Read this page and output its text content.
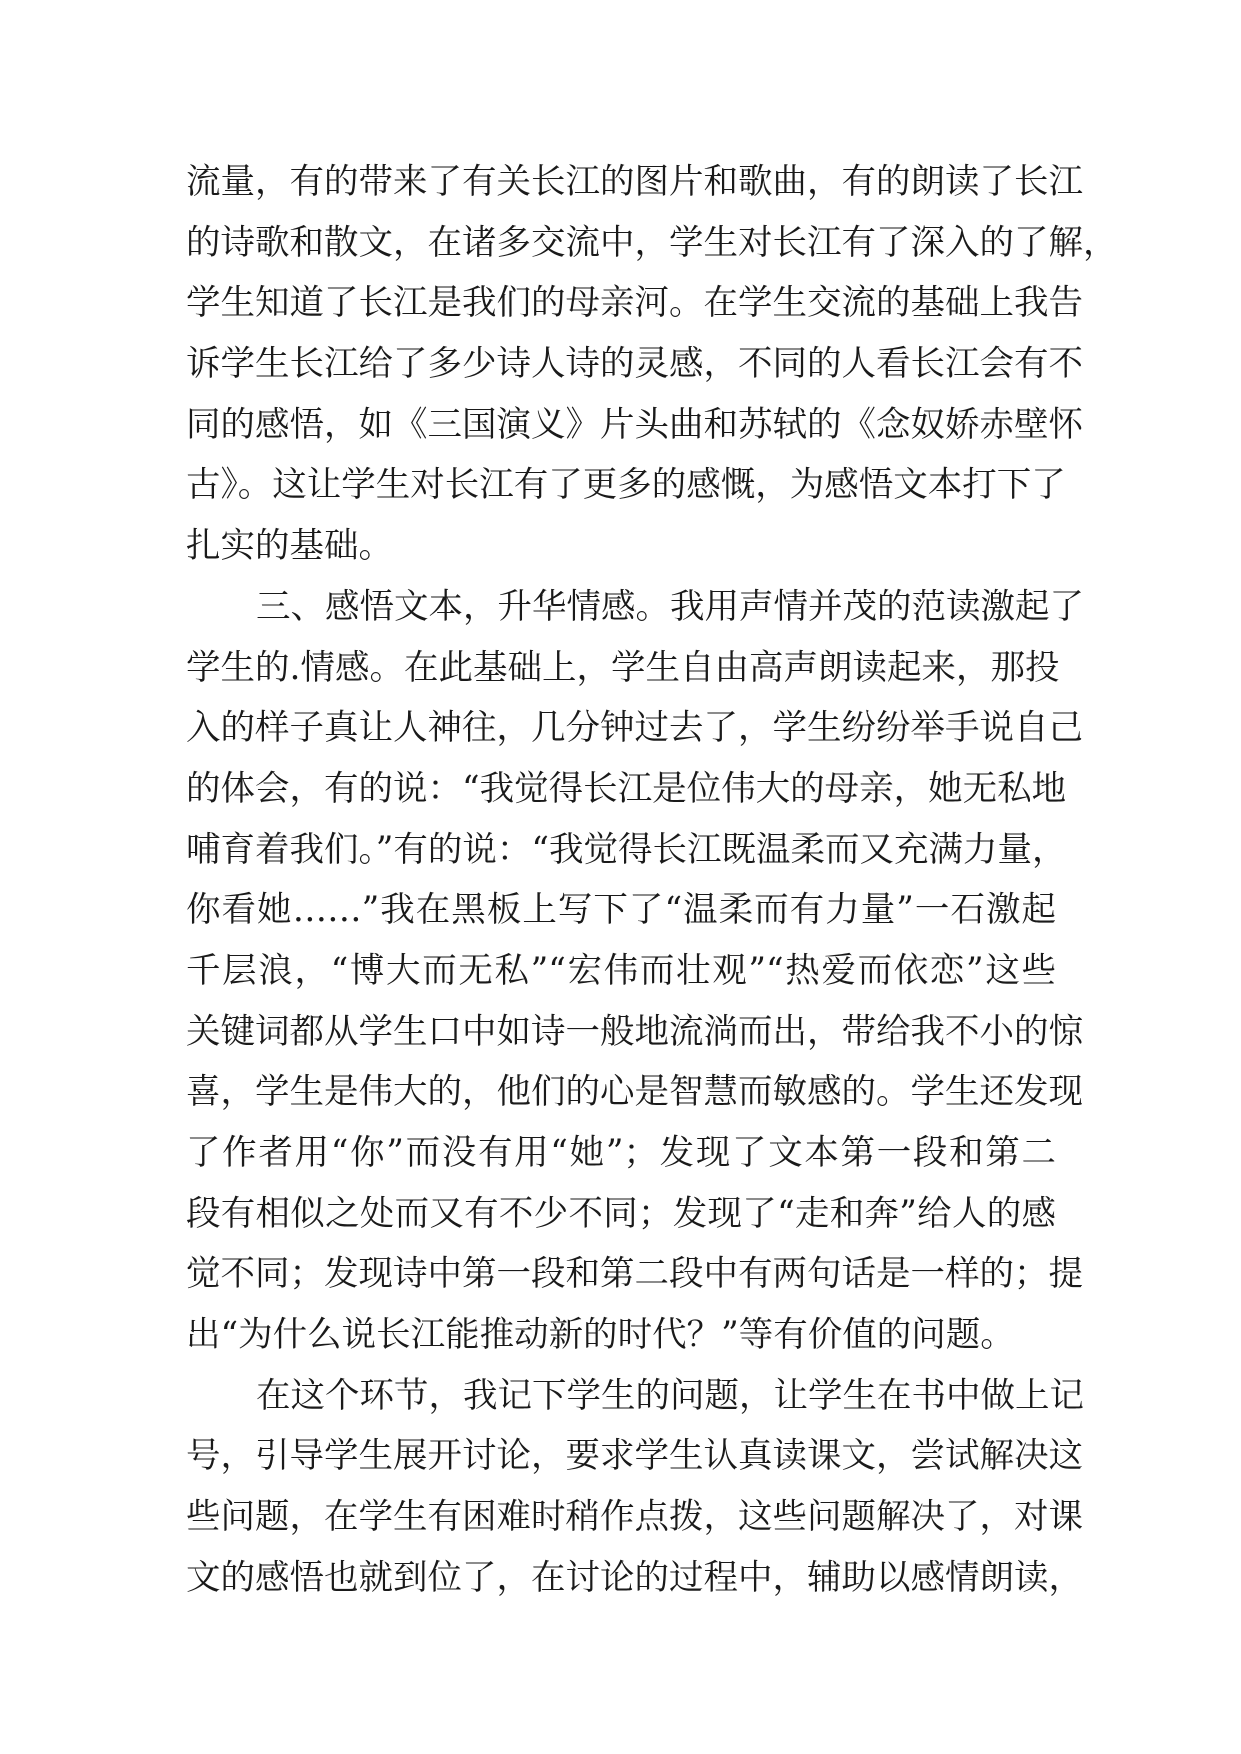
流量，有的带来了有关长江的图片和歌曲，有的朗读了长江
的诗歌和散文，在诸多交流中，学生对长江有了深入的了解，
学生知道了长江是我们的母亲河。在学生交流的基础上我告
诉学生长江给了多少诗人诗的灵感，不同的人看长江会有不
同的感悟，如《三国演义》片头曲和苏轼的《念奴娇赤壁怀
古》。这让学生对长江有了更多的感慨，为感悟文本打下了
扎实的基础。
三、感悟文本，升华情感。我用声情并茂的范读激起了
学生的.情感。在此基础上，学生自由高声朗读起来，那投
入的样子真让人神往，几分钟过去了，学生纷纷举手说自己
的体会，有的说：“我觉得长江是位伟大的母亲，她无私地
哺育着我们。”有的说：“我觉得长江既温柔而又充满力量，
你看她……”我在黑板上写下了“温柔而有力量”一石激起
千层浪，“博大而无私”“宏伟而壮观”“热爱而依恋”这些
关键词都从学生口中如诗一般地流淌而出，带给我不小的惊
喜，学生是伟大的，他们的心是智慧而敏感的。学生还发现
了作者用“你”而没有用“她”；发现了文本第一段和第二
段有相似之处而又有不少不同；发现了“走和奔”给人的感
觉不同；发现诗中第一段和第二段中有两句话是一样的；提
出“为什么说长江能推动新的时代？”等有价值的问题。
在这个环节，我记下学生的问题，让学生在书中做上记
号，引导学生展开讨论，要求学生认真读课文，尝试解决这
些问题，在学生有困难时稍作点拨，这些问题解决了，对课
文的感悟也就到位了，在讨论的过程中，辅助以感情朗读，
